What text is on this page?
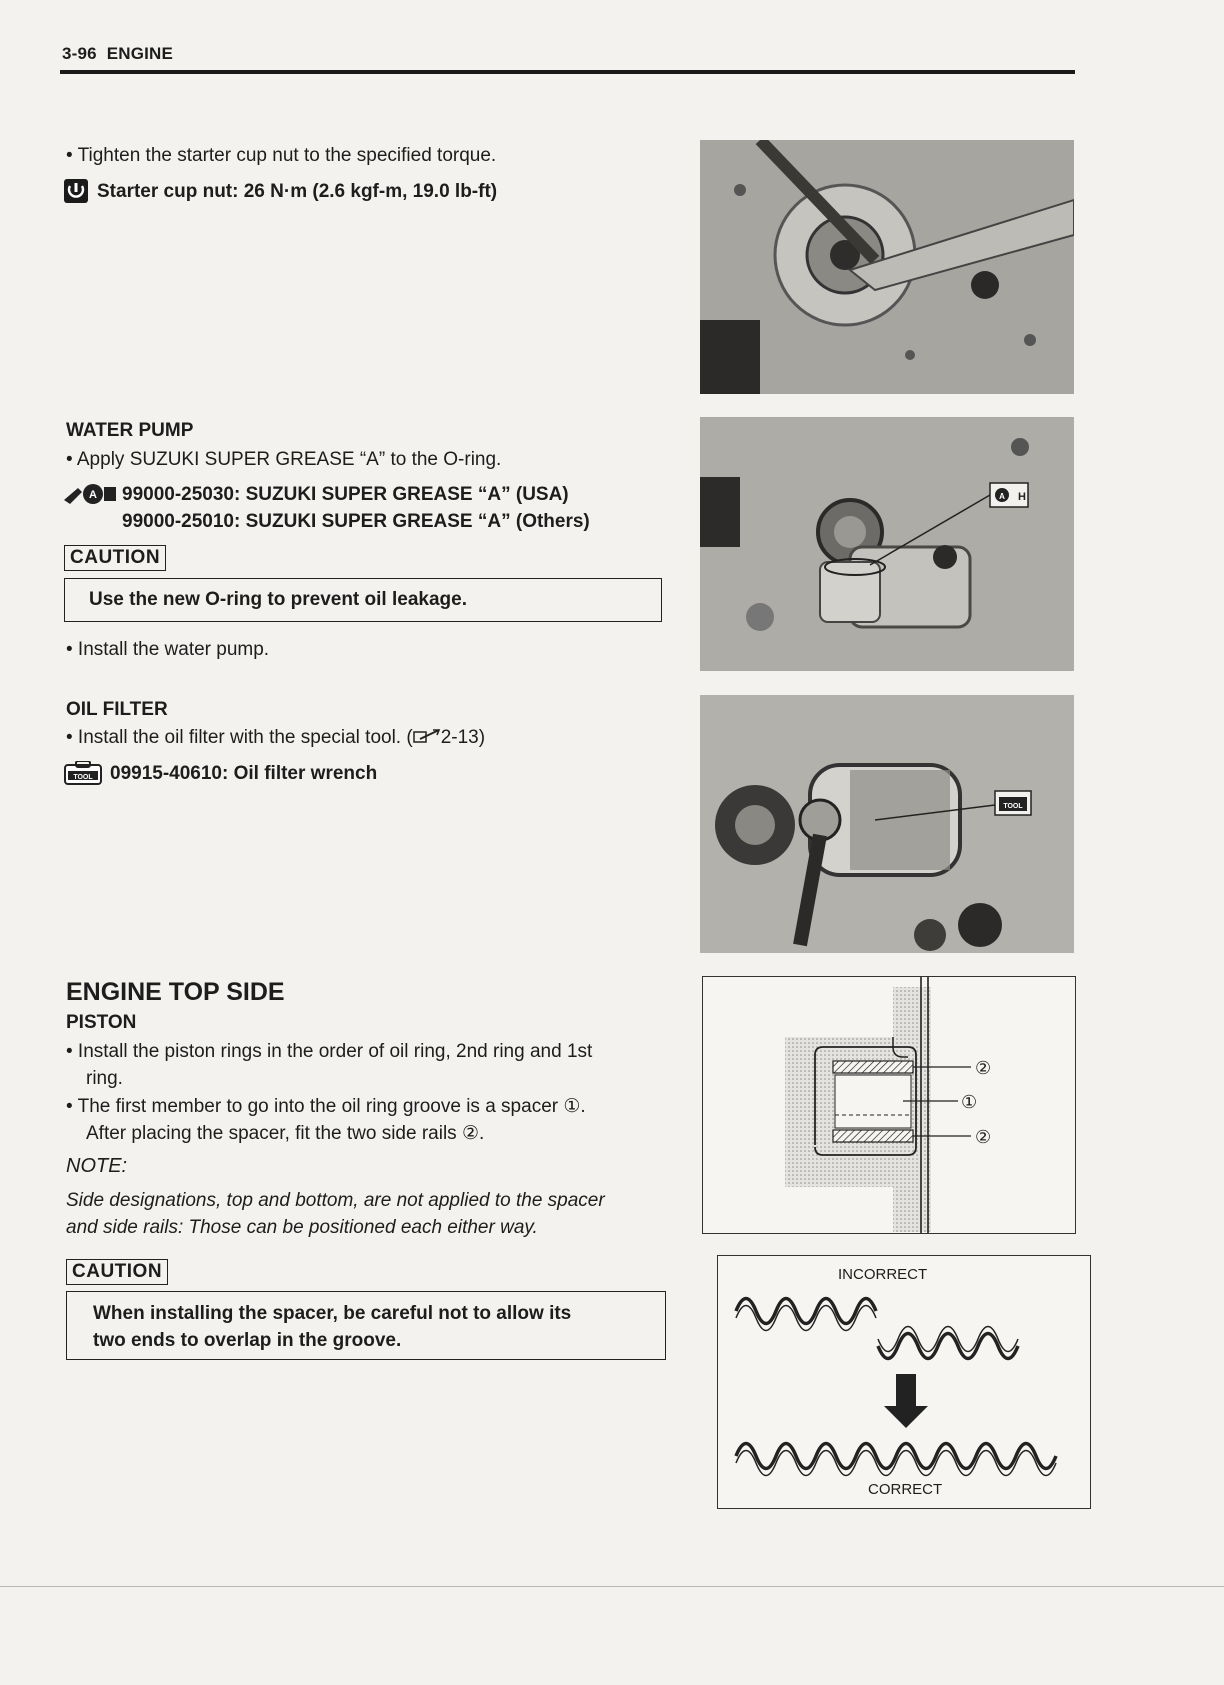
3-96 ENGINE
• Tighten the starter cup nut to the specified torque.
Starter cup nut: 26 N·m (2.6 kgf-m, 19.0 lb-ft)
WATER PUMP
• Apply SUZUKI SUPER GREASE “A” to the O-ring.
A 99000-25030: SUZUKI SUPER GREASE “A” (USA)
99000-25010: SUZUKI SUPER GREASE “A” (Others)
CAUTION
Use the new O-ring to prevent oil leakage.
• Install the water pump.
A H
OIL FILTER
• Install the oil filter with the special tool. ( 2-13)
TOOL 09915-40610: Oil filter wrench
TOOL
ENGINE TOP SIDE
PISTON
• Install the piston rings in the order of oil ring, 2nd ring and 1st
ring.
• The first member to go into the oil ring groove is a spacer ①.
After placing the spacer, fit the two side rails ②.
NOTE:
Side designations, top and bottom, are not applied to the spacer
and side rails: Those can be positioned each either way.
CAUTION
When installing the spacer, be careful not to allow its
two ends to overlap in the groove.
②
①
②
INCORRECT
CORRECT
